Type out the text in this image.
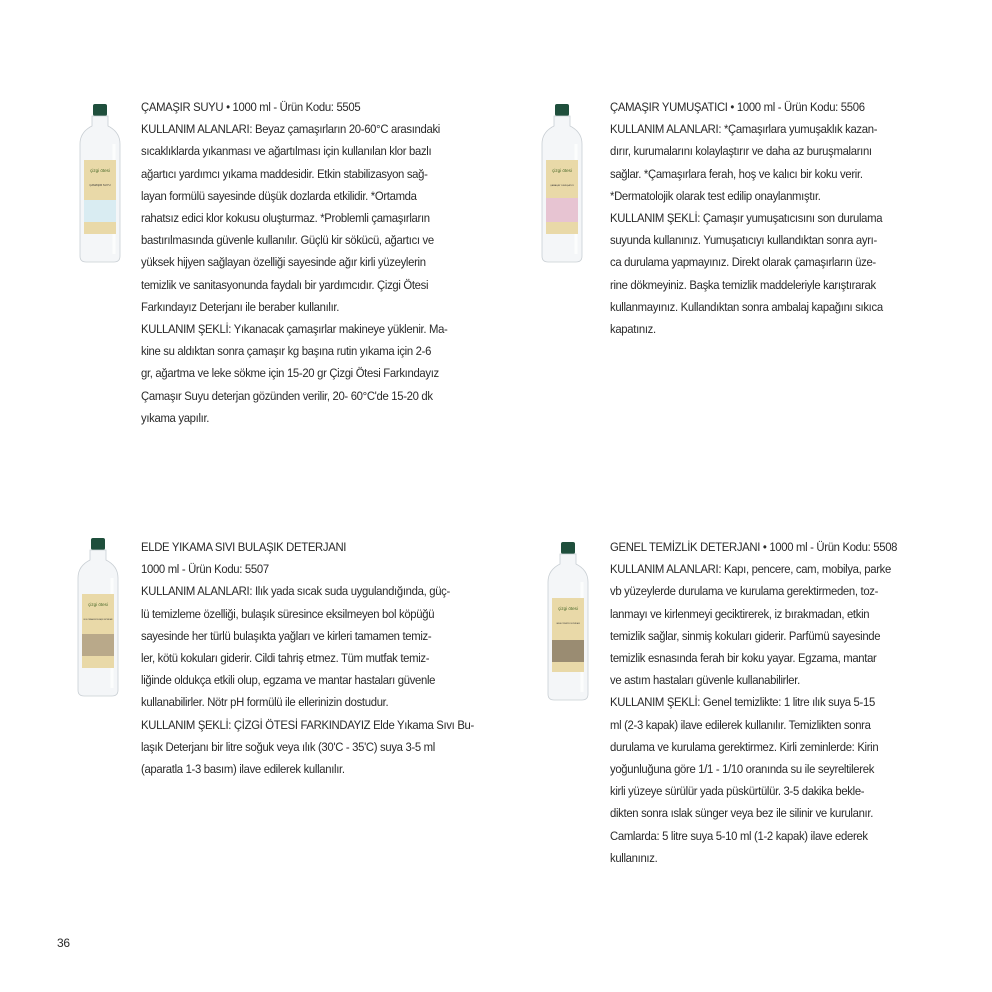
çizgi ötesi
ÇAMAŞIR SUYU

ÇAMAŞIR SUYU • 1000 ml - Ürün Kodu: 5505

KULLANIM ALANLARI: Beyaz çamaşırların 20-60°C arasındaki

sıcaklıklarda yıkanması ve ağartılması için kullanılan klor bazlı

ağartıcı yardımcı yıkama maddesidir. Etkin stabilizasyon sağ-

layan formülü sayesinde düşük dozlarda etkilidir. *Ortamda

rahatsız edici klor kokusu oluşturmaz. *Problemli çamaşırların

bastırılmasında güvenle kullanılır. Güçlü kir sökücü, ağartıcı ve

yüksek hijyen sağlayan özelliği sayesinde ağır kirli yüzeylerin

temizlik ve sanitasyonunda faydalı bir yardımcıdır. Çizgi Ötesi

Farkındayız Deterjanı ile beraber kullanılır.

KULLANIM ŞEKLİ: Yıkanacak çamaşırlar makineye yüklenir. Ma-

kine su aldıktan sonra çamaşır kg başına rutin yıkama için 2-6

gr, ağartma ve leke sökme için 15-20 gr Çizgi Ötesi Farkındayız

Çamaşır Suyu deterjan gözünden verilir, 20- 60°C'de 15-20 dk

yıkama yapılır.

çizgi ötesi
ÇAMAŞIR YUMUŞATICI

ÇAMAŞIR YUMUŞATICI • 1000 ml - Ürün Kodu: 5506

KULLANIM ALANLARI: *Çamaşırlara yumuşaklık kazan-

dırır, kurumalarını kolaylaştırır ve daha az buruşmalarını

sağlar. *Çamaşırlara ferah, hoş ve kalıcı bir koku verir.

*Dermatolojik olarak test edilip onaylanmıştır.

KULLANIM ŞEKLİ: Çamaşır yumuşatıcısını son durulama

suyunda kullanınız. Yumuşatıcıyı kullandıktan sonra ayrı-

ca durulama yapmayınız. Direkt olarak çamaşırların üze-

rine dökmeyiniz. Başka temizlik maddeleriyle karıştırarak

kullanmayınız. Kullandıktan sonra ambalaj kapağını sıkıca

kapatınız.

çizgi ötesi
ELDE YIKAMA SIVI BULAŞIK DETERJANI

ELDE YIKAMA SIVI BULAŞIK DETERJANI

1000 ml - Ürün Kodu: 5507

KULLANIM ALANLARI: Ilık yada sıcak suda uygulandığında, güç-

lü temizleme özelliği, bulaşık süresince eksilmeyen bol köpüğü

sayesinde her türlü bulaşıkta yağları ve kirleri tamamen temiz-

ler, kötü kokuları giderir. Cildi tahriş etmez. Tüm mutfak temiz-

liğinde oldukça etkili olup, egzama ve mantar hastaları güvenle

kullanabilirler. Nötr pH formülü ile ellerinizin dostudur.

KULLANIM ŞEKLİ: ÇİZGİ ÖTESİ FARKINDAYIZ Elde Yıkama Sıvı Bu-

laşık Deterjanı bir litre soğuk veya ılık (30'C - 35'C) suya 3-5 ml

(aparatla 1-3 basım) ilave edilerek kullanılır.

çizgi ötesi
GENEL TEMİZLİK DETERJANI

GENEL TEMİZLİK DETERJANI • 1000 ml - Ürün Kodu: 5508

KULLANIM ALANLARI: Kapı, pencere, cam, mobilya, parke

vb yüzeylerde durulama ve kurulama gerektirmeden, toz-

lanmayı ve kirlenmeyi geciktirerek, iz bırakmadan, etkin

temizlik sağlar, sinmiş kokuları giderir. Parfümü sayesinde

temizlik esnasında ferah bir koku yayar. Egzama, mantar

ve astım hastaları güvenle kullanabilirler.

KULLANIM ŞEKLİ: Genel temizlikte: 1 litre ılık suya 5-15

ml (2-3 kapak) ilave edilerek kullanılır. Temizlikten sonra

durulama ve kurulama gerektirmez. Kirli zeminlerde: Kirin

yoğunluğuna göre 1/1 - 1/10 oranında su ile seyreltilerek

kirli yüzeye sürülür yada püskürtülür. 3-5 dakika bekle-

dikten sonra ıslak sünger veya bez ile silinir ve kurulanır.

Camlarda: 5 litre suya 5-10 ml (1-2 kapak) ilave ederek

kullanınız.

36
